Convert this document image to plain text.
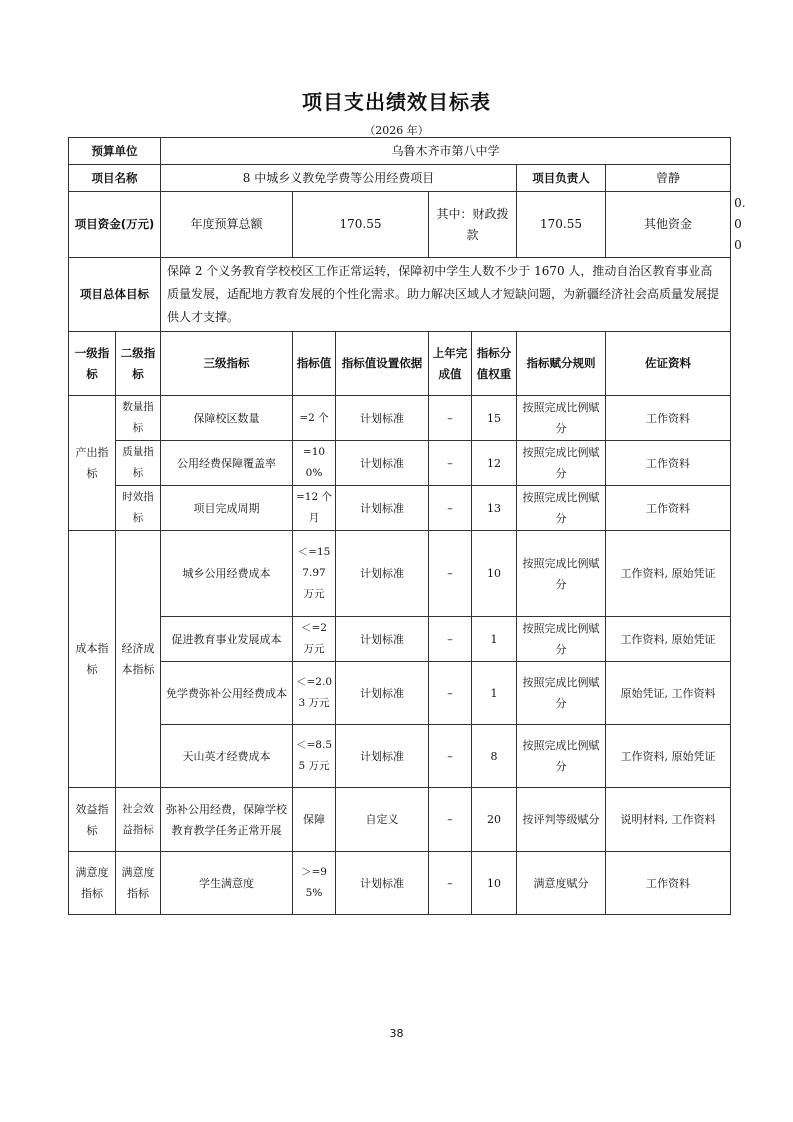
项目支出绩效目标表
（2026 年）
预算单位		乌鲁木齐市第八中学							
项目名称		8 中城乡义教免学费等公用经费项目					项目负责人	曾静	
项目资金(万元)		年度预算总额	170.55		其中：财政拨款		170.55	其他资金	0.00
项目总体目标		保障 2 个义务教育学校校区工作正常运转，保障初中学生人数不少于 1670 人，推动自治区教育事业高质量发展，适配地方教育发展的个性化需求。助力解决区域人才短缺问题，为新疆经济社会高质量发展提供人才支撑。							
一级指标	二级指标	三级指标	指标值	指标值设置依据	上年完成值	指标分值权重	指标赋分规则	佐证资料	
产出指标	数量指标	保障校区数量	=2 个	计划标准	–	15	按照完成比例赋分	工作资料	
	质量指标	公用经费保障覆盖率	=100%	计划标准	–	12	按照完成比例赋分	工作资料	
	时效指标	项目完成周期	=12 个月	计划标准	–	13	按照完成比例赋分	工作资料	
成本指标	经济成本指标	城乡公用经费成本	＜=157.97 万元	计划标准	–	10	按照完成比例赋分	工作资料, 原始凭证	
		促进教育事业发展成本	＜=2 万元	计划标准	–	1	按照完成比例赋分	工作资料, 原始凭证	
		免学费弥补公用经费成本	＜=2.03 万元	计划标准	–	1	按照完成比例赋分	原始凭证, 工作资料	
		天山英才经费成本	＜=8.55 万元	计划标准	–	8	按照完成比例赋分	工作资料, 原始凭证	
效益指标	社会效益指标	弥补公用经费，保障学校教育教学任务正常开展	保障	自定义	–	20	按评判等级赋分	说明材料, 工作资料	
满意度指标	满意度指标	学生满意度	＞=95%	计划标准	–	10	满意度赋分	工作资料	
38
